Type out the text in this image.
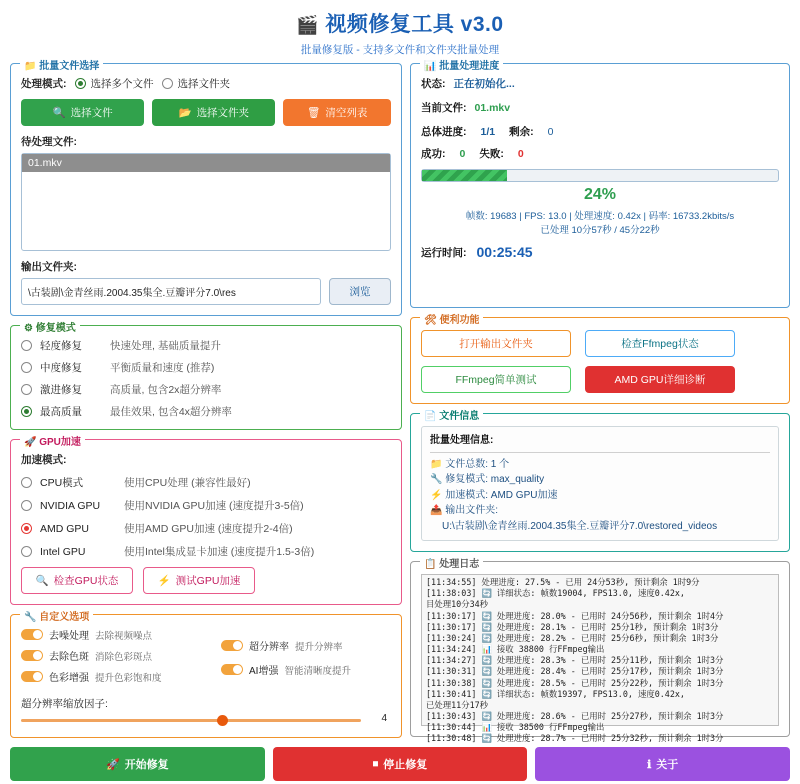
🎬 视频修复工具 v3.0
批量修复版 - 支持多文件和文件夹批量处理
📁 批量文件选择
处理模式: 选择多个文件 选择文件夹
🔍 选择文件	📂 选择文件夹	🗑 清空列表
待处理文件:
01.mkv
输出文件夹:
\古装剧\金青丝雨.2004.35集全.豆瓣评分7.0\res	浏览
⚙ 修复模式
轻度修复	快速处理, 基础质量提升
中度修复	平衡质量和速度 (推荐)
激进修复	高质量, 包含2x超分辨率
最高质量	最佳效果, 包含4x超分辨率
🚀 GPU加速
加速模式:
CPU模式	使用CPU处理 (兼容性最好)
NVIDIA GPU	使用NVIDIA GPU加速 (速度提升3-5倍)
AMD GPU	使用AMD GPU加速 (速度提升2-4倍)
Intel GPU	使用Intel集成显卡加速 (速度提升1.5-3倍)
🔍 检查GPU状态	⚡ 测试GPU加速
🔧 自定义选项
去噪处理 去除视频噪点
去除色斑 消除色彩斑点
色彩增强 提升色彩饱和度
超分辨率 提升分辨率
AI增强 智能清晰度提升
超分辨率缩放因子:
4
📊 批量处理进度
状态: 正在初始化...
当前文件: 01.mkv
总体进度: 1/1 剩余: 0
成功: 0 失败: 0
24%
帧数: 19683 | FPS: 13.0 | 处理速度: 0.42x | 码率: 16733.2kbits/s
已处理 10分57秒 / 45分22秒
运行时间: 00:25:45
🛠 便利功能
打开输出文件夹	检查Ffmpeg状态
FFmpeg简单测试	AMD GPU详细诊断
📄 文件信息
批量处理信息:
📁 文件总数: 1 个
🔧 修复模式: max_quality
⚡ 加速模式: AMD GPU加速
📤 输出文件夹:
U:\古装剧\金青丝雨.2004.35集全.豆瓣评分7.0\restored_videos
📋 处理日志
[11:34:55] 处理进度: 27.5% - 已用 24分53秒, 预计剩余 1时9分
[11:38:03] 🔄 详细状态: 帧数19004, FPS13.0, 速度0.42x,
目处理10分34秒
[11:30:17] 🔄 处理进度: 28.0% - 已用时 24分56秒, 预计剩余 1时4分
[11:30:17] 🔄 处理进度: 28.1% - 已用时 25分1秒, 预计剩余 1时3分
[11:30:24] 🔄 处理进度: 28.2% - 已用时 25分6秒, 预计剩余 1时3分
[11:34:24] 📊 接收 38800 行FFmpeg输出
[11:34:27] 🔄 处理进度: 28.3% - 已用时 25分11秒, 预计剩余 1时3分
[11:30:31] 🔄 处理进度: 28.4% - 已用时 25分17秒, 预计剩余 1时3分
[11:30:38] 🔄 处理进度: 28.5% - 已用时 25分22秒, 预计剩余 1时3分
[11:30:41] 🔄 详细状态: 帧数19397, FPS13.0, 速度0.42x,
已处理11分17秒
[11:30:43] 🔄 处理进度: 28.6% - 已用时 25分27秒, 预计剩余 1时3分
[11:30:44] 📊 接收 38500 行FFmpeg输出
[11:30:48] 🔄 处理进度: 28.7% - 已用时 25分32秒, 预计剩余 1时3分
🚀 开始修复	⏹ 停止修复	ℹ 关于
